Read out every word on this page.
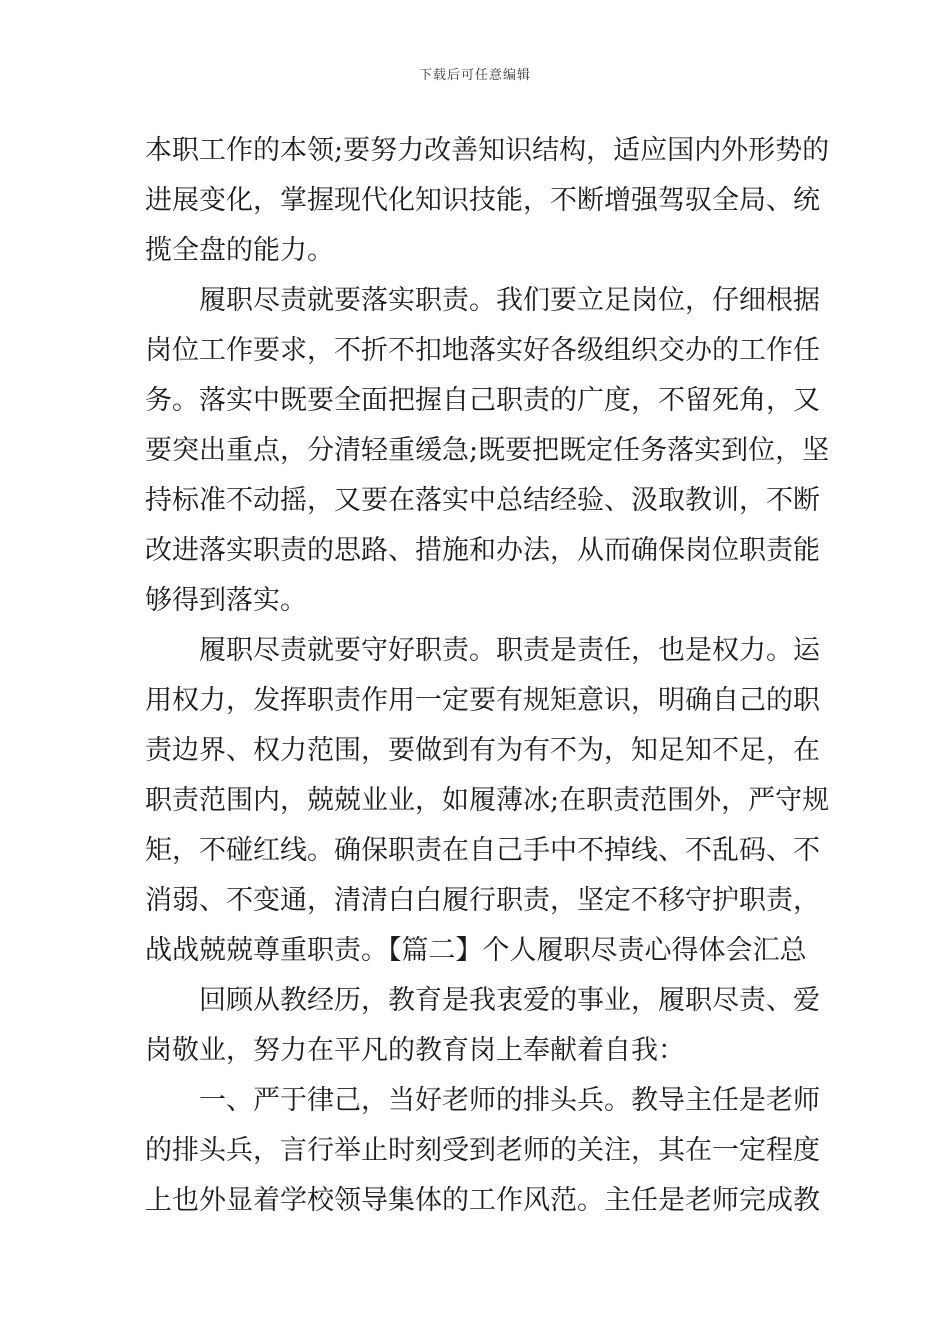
下载后可任意编辑
本职工作的本领;要努力改善知识结构，适应国内外形势的
进展变化，掌握现代化知识技能，不断增强驾驭全局、统
揽全盘的能力。
　　履职尽责就要落实职责。我们要立足岗位，仔细根据
岗位工作要求，不折不扣地落实好各级组织交办的工作任
务。落实中既要全面把握自己职责的广度，不留死角，又
要突出重点，分清轻重缓急;既要把既定任务落实到位，坚
持标准不动摇，又要在落实中总结经验、汲取教训，不断
改进落实职责的思路、措施和办法，从而确保岗位职责能
够得到落实。
　　履职尽责就要守好职责。职责是责任，也是权力。运
用权力，发挥职责作用一定要有规矩意识，明确自己的职
责边界、权力范围，要做到有为有不为，知足知不足，在
职责范围内，兢兢业业，如履薄冰;在职责范围外，严守规
矩，不碰红线。确保职责在自己手中不掉线、不乱码、不
消弱、不变通，清清白白履行职责，坚定不移守护职责，
战战兢兢尊重职责。【篇二】个人履职尽责心得体会汇总
　　回顾从教经历，教育是我衷爱的事业，履职尽责、爱
岗敬业，努力在平凡的教育岗上奉献着自我：
　　一、严于律己，当好老师的排头兵。教导主任是老师
的排头兵，言行举止时刻受到老师的关注，其在一定程度
上也外显着学校领导集体的工作风范。主任是老师完成教
